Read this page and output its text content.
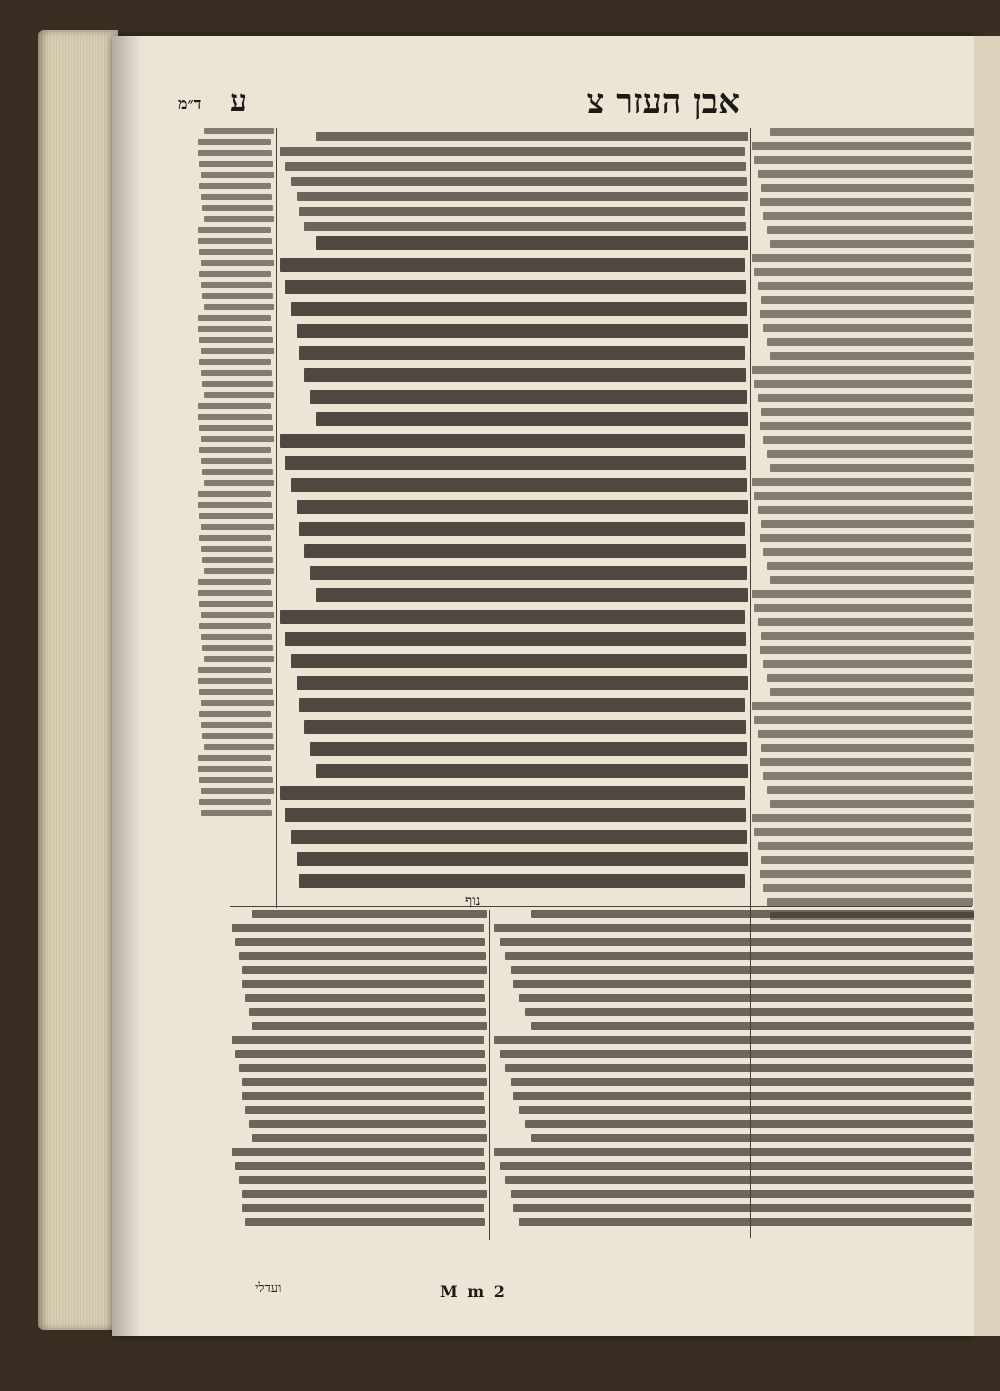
אבן העזר צ
ע
ד״מ
נוף
ועדלי	M m 2
